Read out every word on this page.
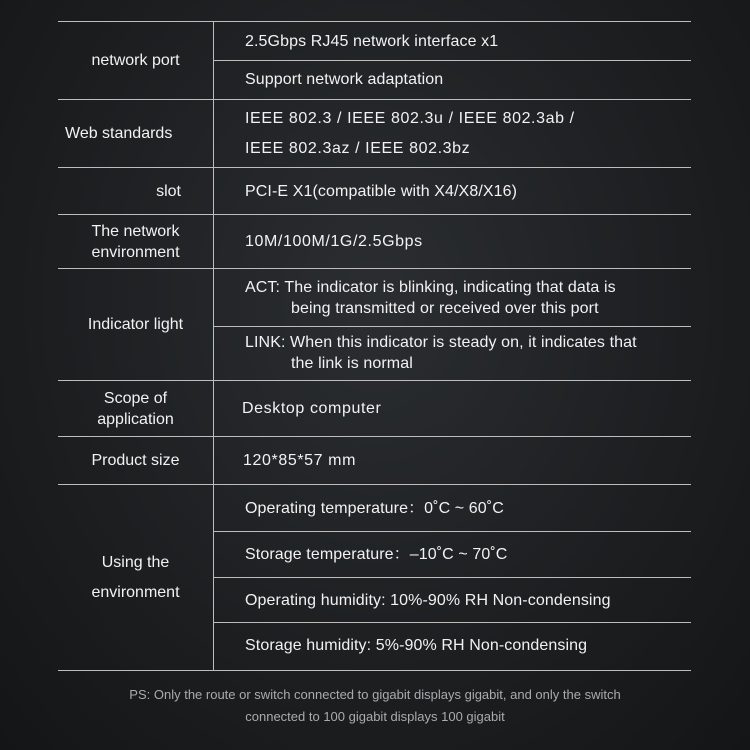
network port
2.5Gbps RJ45 network interface x1
Support network adaptation
Web standards
IEEE 802.3 / IEEE 802.3u / IEEE 802.3ab /
IEEE 802.3az / IEEE 802.3bz
slot	PCI-E X1(compatible with X4/X8/X16)
The network
environment
10M/100M/1G/2.5Gbps
Indicator light
ACT: The indicator is blinking, indicating that data is
being transmitted or received over this port
LINK: When this indicator is steady on, it indicates that
the link is normal
Scope of
application
Desktop computer
Product size	120*85*57 mm
Using the
environment
Operating temperature：0˚C ~ 60˚C
Storage temperature：–10˚C ~ 70˚C
Operating humidity: 10%-90% RH Non-condensing
Storage humidity: 5%-90% RH Non-condensing
PS: Only the route or switch connected to gigabit displays gigabit, and only the switch
connected to 100 gigabit displays 100 gigabit
